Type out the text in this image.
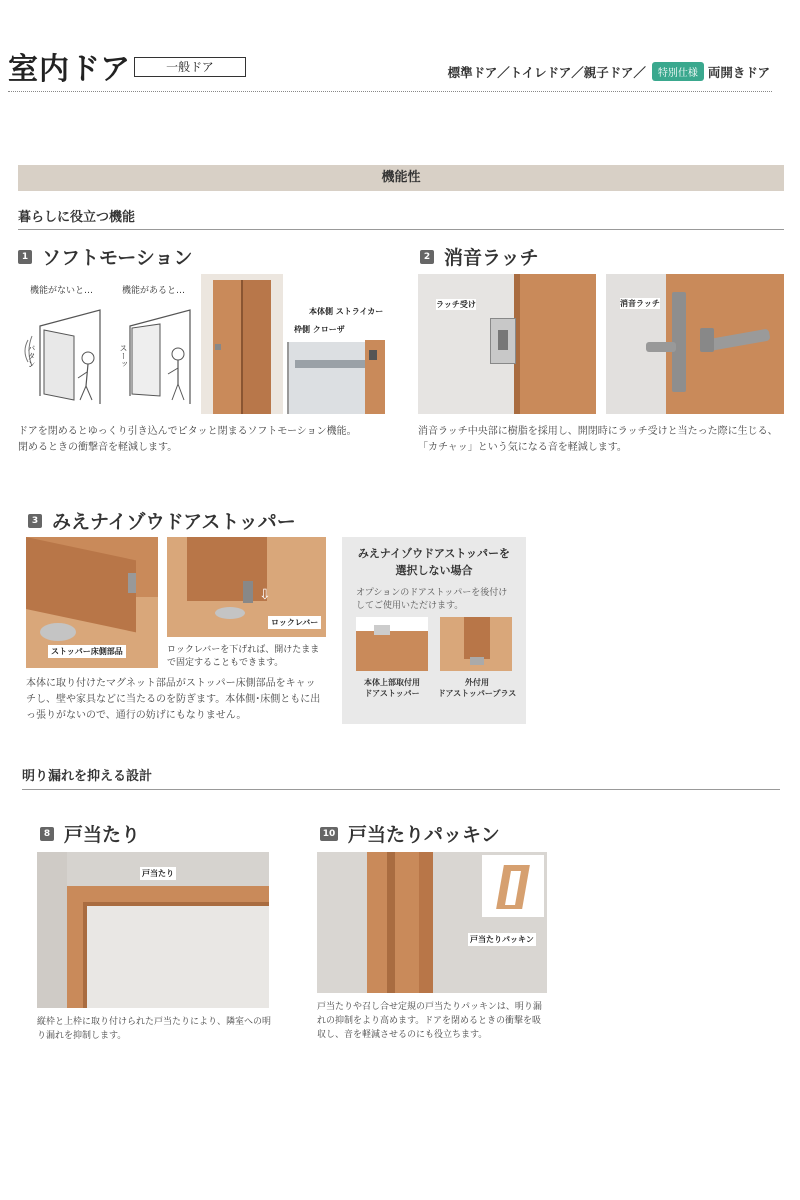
室内ドア	一般ドア	標準ドア／トイレドア／親子ドア／ 特別仕様 両開きドア
機能性
暮らしに役立つ機能
1 ソフトモーション
機能がないと…	機能があると…
バタン	スーッ
本体側 ストライカー
枠側 クローザ

ドアを閉めるとゆっくり引き込んでピタッと閉まるソフトモーション機能。

閉めるときの衝撃音を軽減します。

2 消音ラッチ
ラッチ受け	消音ラッチ

消音ラッチ中央部に樹脂を採用し、開閉時にラッチ受けと当たった際に生じる、

「カチャッ」という気になる音を軽減します。

3 みえナイゾウドアストッパー
ストッパー床側部品
⇩
ロックレバー
ロックレバーを下げれば、開けたまま
で固定することもできます。

本体に取り付けたマグネット部品がストッパー床側部品をキャッ

チし、壁や家具などに当たるのを防ぎます。本体側･床側ともに出

っ張りがないので、通行の妨げにもなりません。

みえナイゾウドアストッパーを
選択しない場合
オプションのドアストッパーを後付け
してご使用いただけます。
本体上部取付用
ドアストッパー
外付用
ドアストッパープラス
明り漏れを抑える設計
8 戸当たり
戸当たり

縦枠と上枠に取り付けられた戸当たりにより、隣室への明

り漏れを抑制します。

10 戸当たりパッキン
戸当たりパッキン

戸当たりや召し合せ定規の戸当たりパッキンは、明り漏

れの抑制をより高めます。ドアを閉めるときの衝撃を吸

収し、音を軽減させるのにも役立ちます。
